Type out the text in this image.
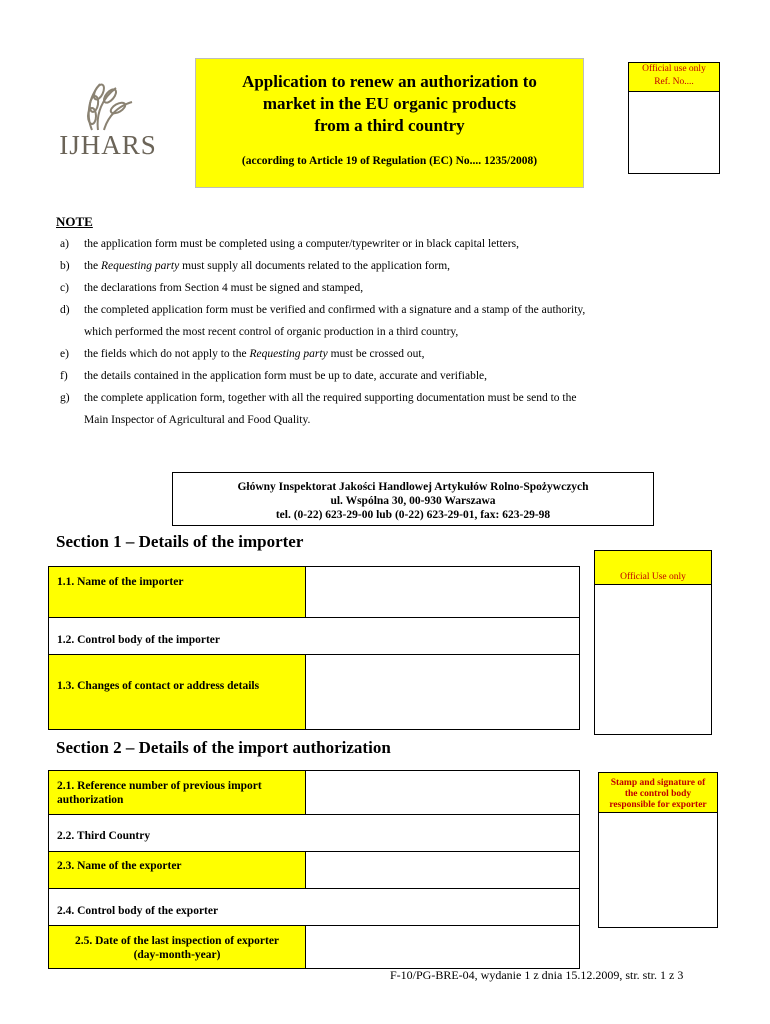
IJHARS
Application to renew an authorization to
market in the EU organic products
from a third country
(according to Article 19 of Regulation (EC) No.... 1235/2008)
Official use only
Ref. No....
NOTE
a) the application form must be completed using a computer/typewriter or in black capital letters,
b) the Requesting party must supply all documents related to the application form,
c) the declarations from Section 4 must be signed and stamped,
d) the completed application form must be verified and confirmed with a signature and a stamp of the authority,
which performed the most recent control of organic production in a third country,
e) the fields which do not apply to the Requesting party must be crossed out,
f) the details contained in the application form must be up to date, accurate and verifiable,
g) the complete application form, together with all the required supporting documentation must be send to the
Main Inspector of Agricultural and Food Quality.
Główny Inspektorat Jakości Handlowej Artykułów Rolno-Spożywczych
ul. Wspólna 30, 00-930 Warszawa
tel. (0-22) 623-29-00 lub (0-22) 623-29-01, fax: 623-29-98
Section 1 – Details of the importer
1.1. Name of the importer
1.2. Control body of the importer
1.3. Changes of contact or address details
Official Use only
Section 2 – Details of the import authorization
2.1. Reference number of previous import authorization
2.2. Third Country
2.3. Name of the exporter
2.4. Control body of the exporter
2.5. Date of the last inspection of exporter
(day-month-year)
Stamp and signature of the control body responsible for exporter
F-10/PG-BRE-04, wydanie 1 z dnia 15.12.2009, str. str. 1 z 3
